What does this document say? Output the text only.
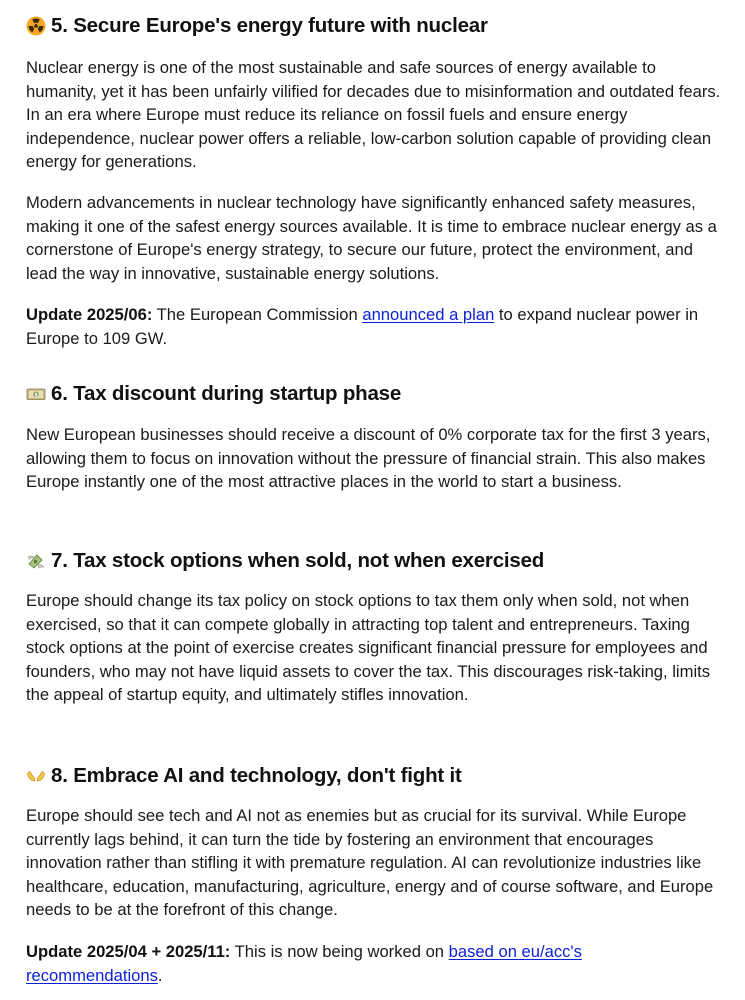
5. Secure Europe's energy future with nuclear

Nuclear energy is one of the most sustainable and safe sources of energy available to humanity, yet it has been unfairly vilified for decades due to misinformation and outdated fears. In an era where Europe must reduce its reliance on fossil fuels and ensure energy independence, nuclear power offers a reliable, low-carbon solution capable of providing clean energy for generations.

Modern advancements in nuclear technology have significantly enhanced safety measures, making it one of the safest energy sources available. It is time to embrace nuclear energy as a cornerstone of Europe's energy strategy, to secure our future, protect the environment, and lead the way in innovative, sustainable energy solutions.

Update 2025/06: The European Commission announced a plan to expand nuclear power in Europe to 109 GW.

$ 6. Tax discount during startup phase

New European businesses should receive a discount of 0% corporate tax for the first 3 years, allowing them to focus on innovation without the pressure of financial strain. This also makes Europe instantly one of the most attractive places in the world to start a business.

7. Tax stock options when sold, not when exercised

Europe should change its tax policy on stock options to tax them only when sold, not when exercised, so that it can compete globally in attracting top talent and entrepreneurs. Taxing stock options at the point of exercise creates significant financial pressure for employees and founders, who may not have liquid assets to cover the tax. This discourages risk-taking, limits the appeal of startup equity, and ultimately stifles innovation.

8. Embrace AI and technology, don't fight it

Europe should see tech and AI not as enemies but as crucial for its survival. While Europe currently lags behind, it can turn the tide by fostering an environment that encourages innovation rather than stifling it with premature regulation. AI can revolutionize industries like healthcare, education, manufacturing, agriculture, energy and of course software, and Europe needs to be at the forefront of this change.

Update 2025/04 + 2025/11: This is now being worked on based on eu/acc's recommendations.
